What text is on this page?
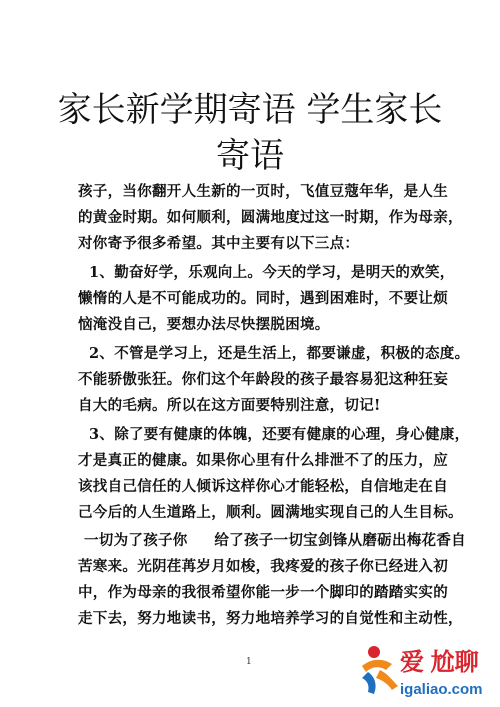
家长新学期寄语 学生家长
寄语
孩子，当你翻开人生新的一页时，飞值豆蔻年华，是人生
的黄金时期。如何顺利，圆满地度过这一时期，作为母亲，
对你寄予很多希望。其中主要有以下三点：
1、勤奋好学，乐观向上。今天的学习，是明天的欢笑，
懒惰的人是不可能成功的。同时，遇到困难时，不要让烦
恼淹没自己，要想办法尽快摆脱困境。
2、不管是学习上，还是生活上，都要谦虚，积极的态度。
不能骄傲张狂。你们这个年龄段的孩子最容易犯这种狂妄
自大的毛病。所以在这方面要特别注意，切记!
3、除了要有健康的体魄，还要有健康的心理，身心健康，
才是真正的健康。如果你心里有什么排泄不了的压力，应
该找自己信任的人倾诉这样你心才能轻松，自信地走在自
己今后的人生道路上，顺利。圆满地实现自己的人生目标。
一切为了孩子你     给了孩子一切宝剑锋从磨砺出梅花香自
苦寒来。光阴荏苒岁月如梭，我疼爱的孩子你已经进入初
中，作为母亲的我很希望你能一步一个脚印的踏踏实实的
走下去，努力地读书，努力地培养学习的自觉性和主动性，
1	爱 尬聊
igaliao.com
